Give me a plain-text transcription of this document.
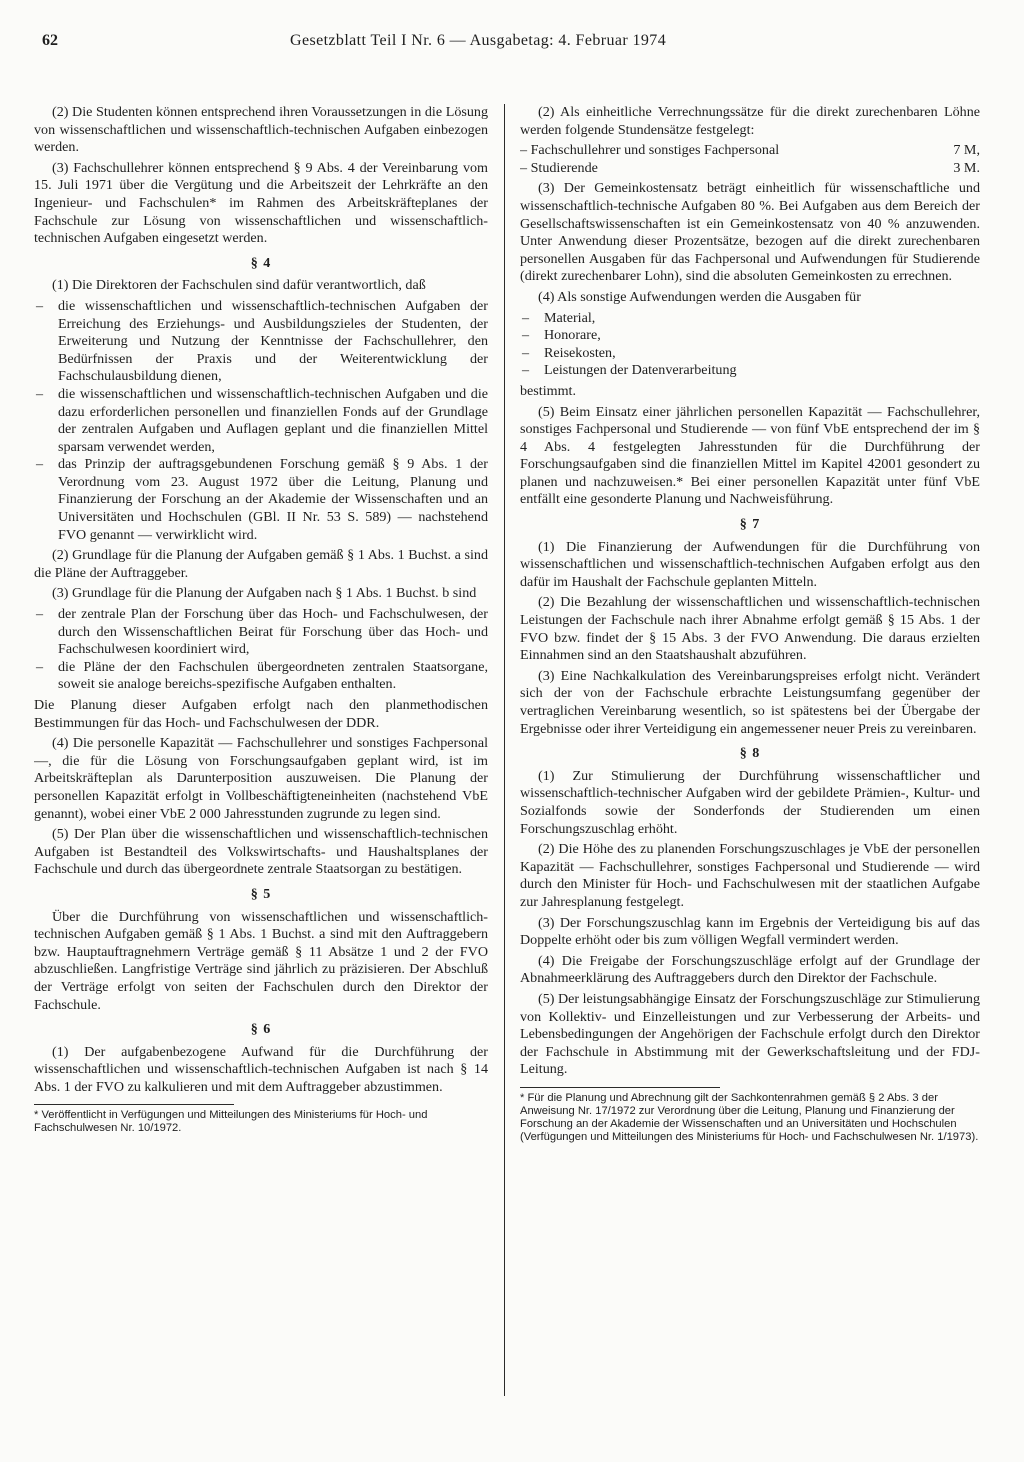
62	Gesetzblatt Teil I Nr. 6 — Ausgabetag: 4. Februar 1974

(2) Die Studenten können entsprechend ihren Voraussetzungen in die Lösung von wissenschaftlichen und wissenschaftlich-technischen Aufgaben einbezogen werden.

(3) Fachschullehrer können entsprechend § 9 Abs. 4 der Vereinbarung vom 15. Juli 1971 über die Vergütung und die Arbeitszeit der Lehrkräfte an den Ingenieur- und Fachschulen* im Rahmen des Arbeitskräfteplanes der Fachschule zur Lösung von wissenschaftlichen und wissenschaftlich-technischen Aufgaben eingesetzt werden.

§ 4

(1) Die Direktoren der Fachschulen sind dafür verantwortlich, daß

– die wissenschaftlichen und wissenschaftlich-technischen Aufgaben der Erreichung des Erziehungs- und Ausbildungszieles der Studenten, der Erweiterung und Nutzung der Kenntnisse der Fachschullehrer, den Bedürfnissen der Praxis und der Weiterentwicklung der Fachschulausbildung dienen,
– die wissenschaftlichen und wissenschaftlich-technischen Aufgaben und die dazu erforderlichen personellen und finanziellen Fonds auf der Grundlage der zentralen Aufgaben und Auflagen geplant und die finanziellen Mittel sparsam verwendet werden,
– das Prinzip der auftragsgebundenen Forschung gemäß § 9 Abs. 1 der Verordnung vom 23. August 1972 über die Leitung, Planung und Finanzierung der Forschung an der Akademie der Wissenschaften und an Universitäten und Hochschulen (GBl. II Nr. 53 S. 589) — nachstehend FVO genannt — verwirklicht wird.

(2) Grundlage für die Planung der Aufgaben gemäß § 1 Abs. 1 Buchst. a sind die Pläne der Auftraggeber.

(3) Grundlage für die Planung der Aufgaben nach § 1 Abs. 1 Buchst. b sind

– der zentrale Plan der Forschung über das Hoch- und Fachschulwesen, der durch den Wissenschaftlichen Beirat für Forschung über das Hoch- und Fachschulwesen koordiniert wird,
– die Pläne der den Fachschulen übergeordneten zentralen Staatsorgane, soweit sie analoge bereichs-spezifische Aufgaben enthalten.

Die Planung dieser Aufgaben erfolgt nach den planmethodischen Bestimmungen für das Hoch- und Fachschulwesen der DDR.

(4) Die personelle Kapazität — Fachschullehrer und sonstiges Fachpersonal —, die für die Lösung von Forschungsaufgaben geplant wird, ist im Arbeitskräfteplan als Darunterposition auszuweisen. Die Planung der personellen Kapazität erfolgt in Vollbeschäftigteneinheiten (nachstehend VbE genannt), wobei einer VbE 2 000 Jahresstunden zugrunde zu legen sind.

(5) Der Plan über die wissenschaftlichen und wissenschaftlich-technischen Aufgaben ist Bestandteil des Volkswirtschafts- und Haushaltsplanes der Fachschule und durch das übergeordnete zentrale Staatsorgan zu bestätigen.

§ 5

Über die Durchführung von wissenschaftlichen und wissenschaftlich-technischen Aufgaben gemäß § 1 Abs. 1 Buchst. a sind mit den Auftraggebern bzw. Hauptauftragnehmern Verträge gemäß § 11 Absätze 1 und 2 der FVO abzuschließen. Langfristige Verträge sind jährlich zu präzisieren. Der Abschluß der Verträge erfolgt von seiten der Fachschulen durch den Direktor der Fachschule.

§ 6

(1) Der aufgabenbezogene Aufwand für die Durchführung der wissenschaftlichen und wissenschaftlich-technischen Aufgaben ist nach § 14 Abs. 1 der FVO zu kalkulieren und mit dem Auftraggeber abzustimmen.

* Veröffentlicht in Verfügungen und Mitteilungen des Ministeriums für Hoch- und Fachschulwesen Nr. 10/1972.

(2) Als einheitliche Verrechnungssätze für die direkt zurechenbaren Löhne werden folgende Stundensätze festgelegt:

– Fachschullehrer und sonstiges Fachpersonal	7 M,
– Studierende	3 M.

(3) Der Gemeinkostensatz beträgt einheitlich für wissenschaftliche und wissenschaftlich-technische Aufgaben 80 %. Bei Aufgaben aus dem Bereich der Gesellschaftswissenschaften ist ein Gemeinkostensatz von 40 % anzuwenden. Unter Anwendung dieser Prozentsätze, bezogen auf die direkt zurechenbaren personellen Ausgaben für das Fachpersonal und Aufwendungen für Studierende (direkt zurechenbarer Lohn), sind die absoluten Gemeinkosten zu errechnen.

(4) Als sonstige Aufwendungen werden die Ausgaben für

– Material,
– Honorare,
– Reisekosten,
– Leistungen der Datenverarbeitung

bestimmt.

(5) Beim Einsatz einer jährlichen personellen Kapazität — Fachschullehrer, sonstiges Fachpersonal und Studierende — von fünf VbE entsprechend der im § 4 Abs. 4 festgelegten Jahresstunden für die Durchführung der Forschungsaufgaben sind die finanziellen Mittel im Kapitel 42001 gesondert zu planen und nachzuweisen.* Bei einer personellen Kapazität unter fünf VbE entfällt eine gesonderte Planung und Nachweisführung.

§ 7

(1) Die Finanzierung der Aufwendungen für die Durchführung von wissenschaftlichen und wissenschaftlich-technischen Aufgaben erfolgt aus den dafür im Haushalt der Fachschule geplanten Mitteln.

(2) Die Bezahlung der wissenschaftlichen und wissenschaftlich-technischen Leistungen der Fachschule nach ihrer Abnahme erfolgt gemäß § 15 Abs. 1 der FVO bzw. findet der § 15 Abs. 3 der FVO Anwendung. Die daraus erzielten Einnahmen sind an den Staatshaushalt abzuführen.

(3) Eine Nachkalkulation des Vereinbarungspreises erfolgt nicht. Verändert sich der von der Fachschule erbrachte Leistungsumfang gegenüber der vertraglichen Vereinbarung wesentlich, so ist spätestens bei der Übergabe der Ergebnisse oder ihrer Verteidigung ein angemessener neuer Preis zu vereinbaren.

§ 8

(1) Zur Stimulierung der Durchführung wissenschaftlicher und wissenschaftlich-technischer Aufgaben wird der gebildete Prämien-, Kultur- und Sozialfonds sowie der Sonderfonds der Studierenden um einen Forschungszuschlag erhöht.

(2) Die Höhe des zu planenden Forschungszuschlages je VbE der personellen Kapazität — Fachschullehrer, sonstiges Fachpersonal und Studierende — wird durch den Minister für Hoch- und Fachschulwesen mit der staatlichen Aufgabe zur Jahresplanung festgelegt.

(3) Der Forschungszuschlag kann im Ergebnis der Verteidigung bis auf das Doppelte erhöht oder bis zum völligen Wegfall vermindert werden.

(4) Die Freigabe der Forschungszuschläge erfolgt auf der Grundlage der Abnahmeerklärung des Auftraggebers durch den Direktor der Fachschule.

(5) Der leistungsabhängige Einsatz der Forschungszuschläge zur Stimulierung von Kollektiv- und Einzelleistungen und zur Verbesserung der Arbeits- und Lebensbedingungen der Angehörigen der Fachschule erfolgt durch den Direktor der Fachschule in Abstimmung mit der Gewerkschaftsleitung und der FDJ-Leitung.

* Für die Planung und Abrechnung gilt der Sachkontenrahmen gemäß § 2 Abs. 3 der Anweisung Nr. 17/1972 zur Verordnung über die Leitung, Planung und Finanzierung der Forschung an der Akademie der Wissenschaften und an Universitäten und Hochschulen (Verfügungen und Mitteilungen des Ministeriums für Hoch- und Fachschulwesen Nr. 1/1973).
